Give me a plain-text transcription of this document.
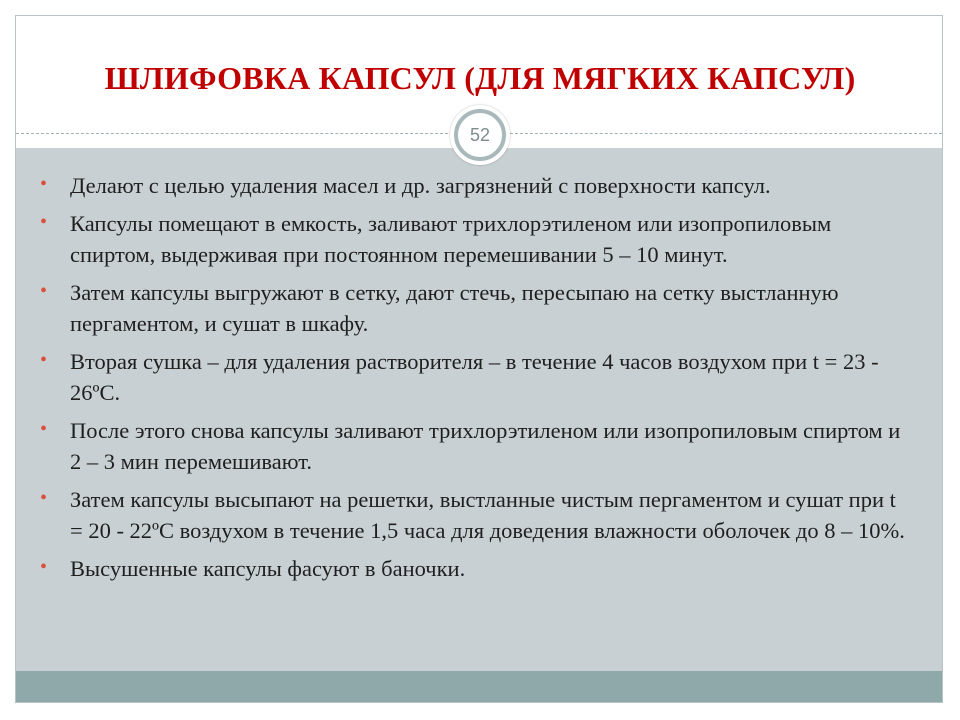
ШЛИФОВКА КАПСУЛ (ДЛЯ МЯГКИХ КАПСУЛ)
52
• Делают с целью удаления масел и др. загрязнений с поверхности капсул.
• Капсулы помещают в емкость, заливают трихлорэтиленом или изопропиловым спиртом, выдерживая при постоянном перемешивании 5 – 10 минут.
• Затем капсулы выгружают в сетку, дают стечь, пересыпаю на сетку выстланную пергаментом, и сушат в шкафу.
• Вторая сушка – для удаления растворителя – в течение 4 часов воздухом при t = 23 - 26ºС.
• После этого снова капсулы заливают трихлорэтиленом или изопропиловым спиртом и 2 – 3 мин перемешивают.
• Затем капсулы высыпают на решетки, выстланные чистым пергаментом и сушат при t = 20 - 22ºС воздухом в течение 1,5 часа для доведения влажности оболочек до 8 – 10%.
• Высушенные капсулы фасуют в баночки.
